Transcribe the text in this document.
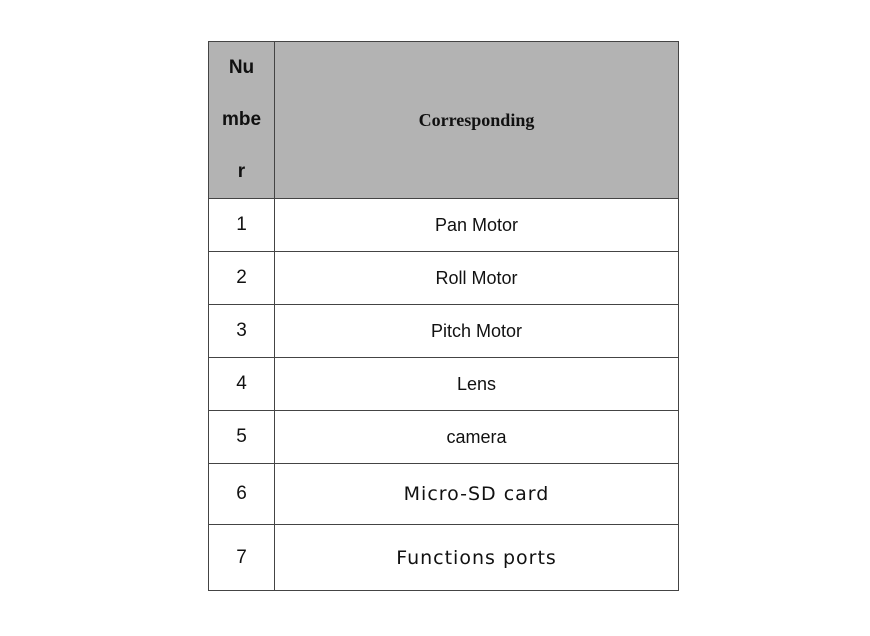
Nu
mbe
r	Corresponding
1	Pan Motor
2	Roll Motor
3	Pitch Motor
4	Lens
5	camera
6	Micro-SD card
7	Functions ports
